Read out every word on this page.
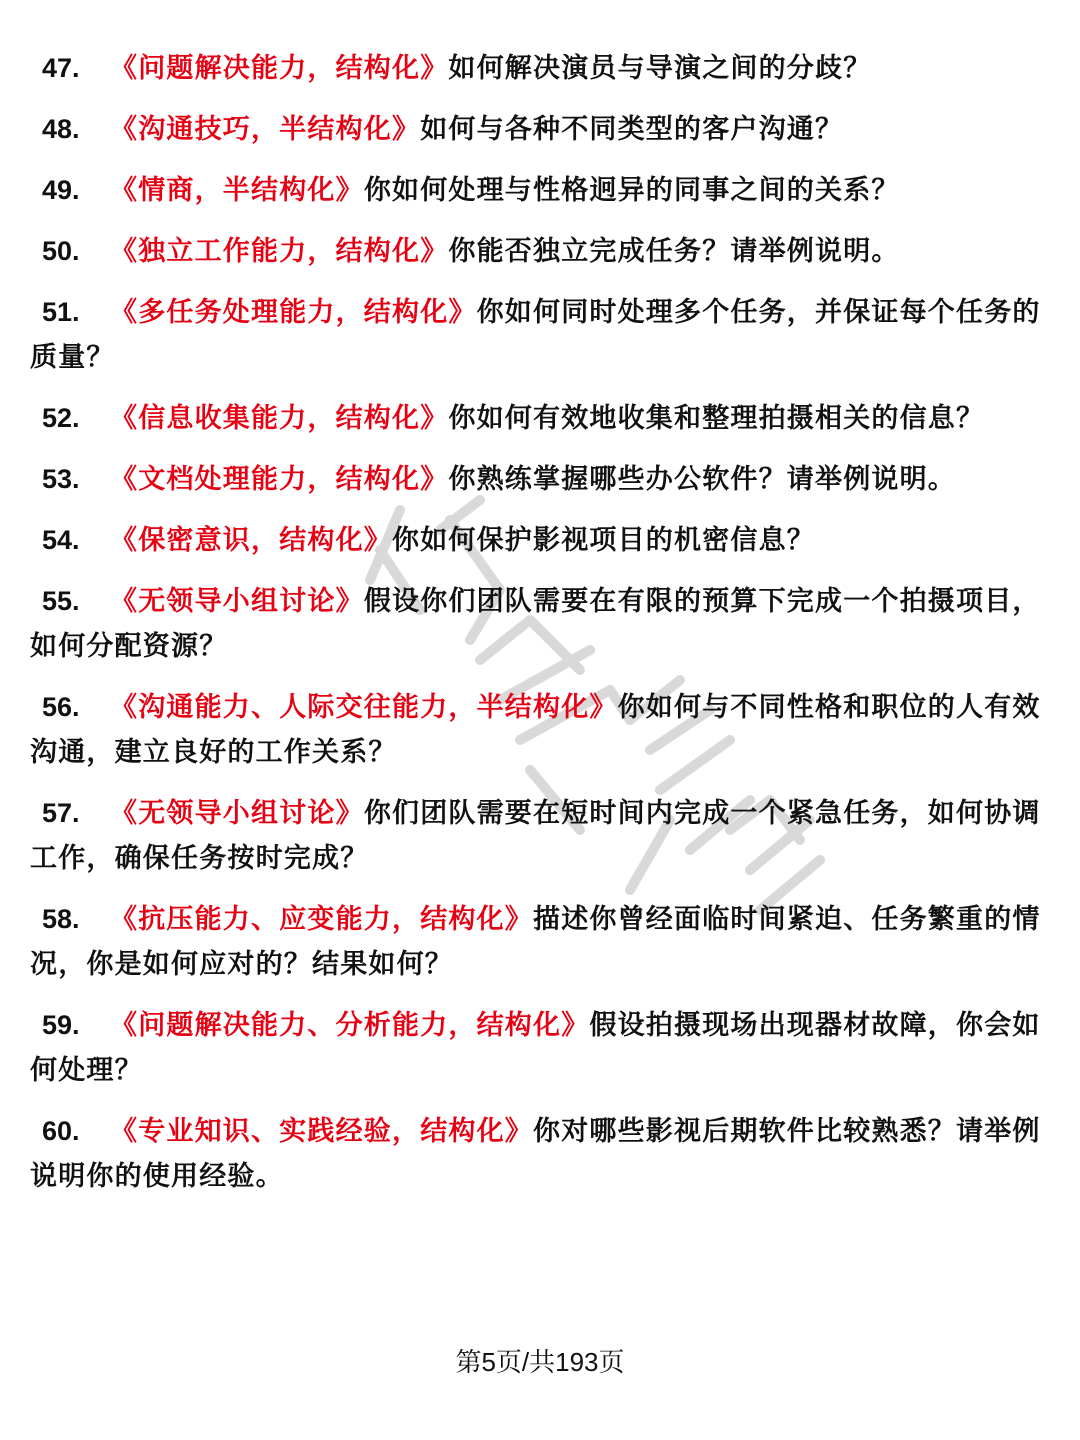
47. 《问题解决能力，结构化》如何解决演员与导演之间的分歧？
48. 《沟通技巧，半结构化》如何与各种不同类型的客户沟通？
49. 《情商，半结构化》你如何处理与性格迥异的同事之间的关系？
50. 《独立工作能力，结构化》你能否独立完成任务？请举例说明。
51. 《多任务处理能力，结构化》你如何同时处理多个任务，并保证每个任务的质量？
52. 《信息收集能力，结构化》你如何有效地收集和整理拍摄相关的信息？
53. 《文档处理能力，结构化》你熟练掌握哪些办公软件？请举例说明。
54. 《保密意识，结构化》你如何保护影视项目的机密信息？
55. 《无领导小组讨论》假设你们团队需要在有限的预算下完成一个拍摄项目，如何分配资源？
56. 《沟通能力、人际交往能力，半结构化》你如何与不同性格和职位的人有效沟通，建立良好的工作关系？
57. 《无领导小组讨论》你们团队需要在短时间内完成一个紧急任务，如何协调工作，确保任务按时完成？
58. 《抗压能力、应变能力，结构化》描述你曾经面临时间紧迫、任务繁重的情况，你是如何应对的？结果如何？
59. 《问题解决能力、分析能力，结构化》假设拍摄现场出现器材故障，你会如何处理？
60. 《专业知识、实践经验，结构化》你对哪些影视后期软件比较熟悉？请举例说明你的使用经验。
第5页/共193页
